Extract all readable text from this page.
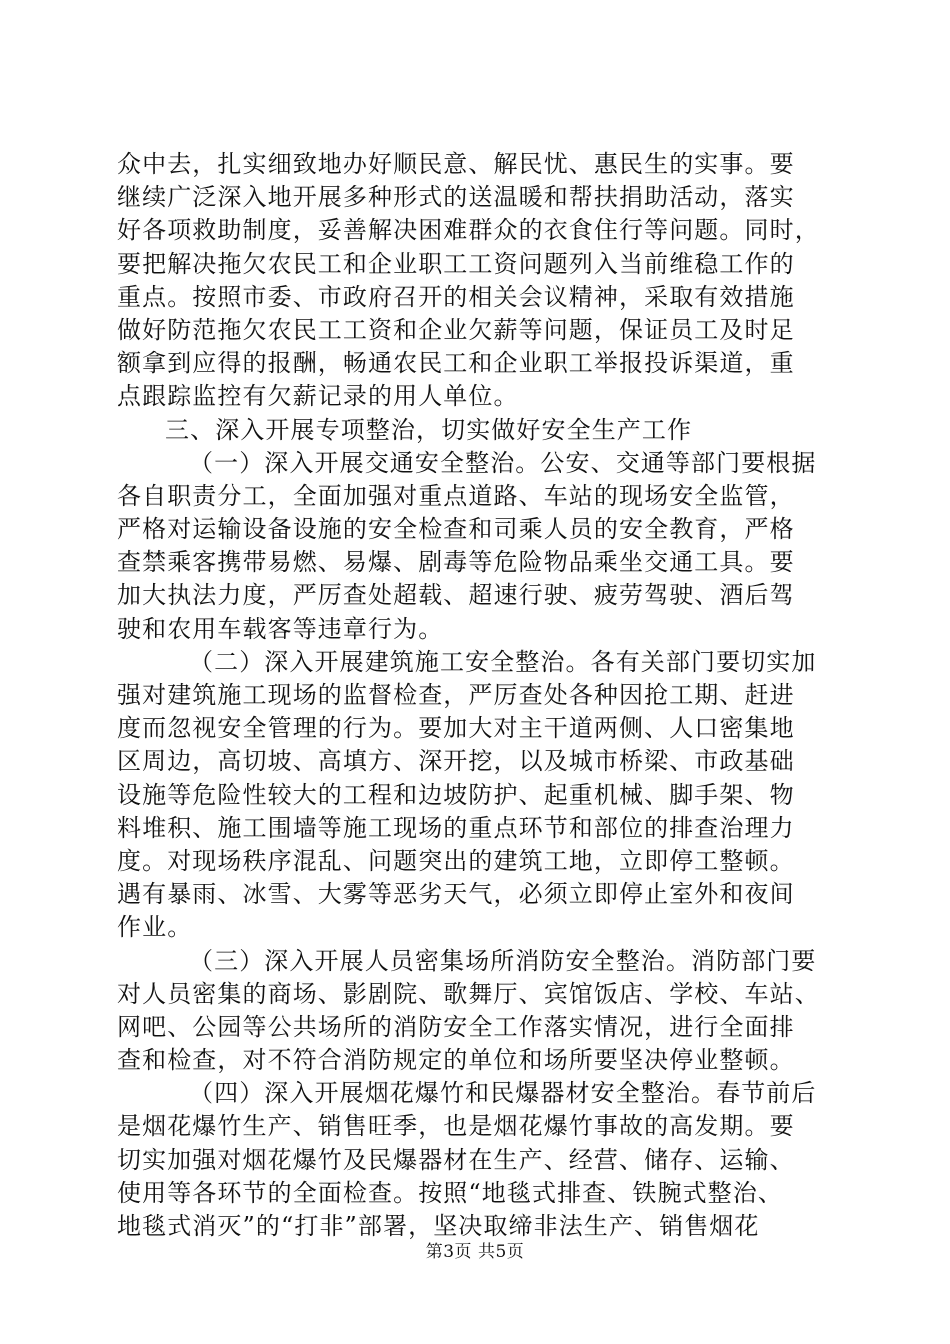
众中去，扎实细致地办好顺民意、解民忧、惠民生的实事。要
继续广泛深入地开展多种形式的送温暖和帮扶捐助活动，落实
好各项救助制度，妥善解决困难群众的衣食住行等问题。同时，
要把解决拖欠农民工和企业职工工资问题列入当前维稳工作的
重点。按照市委、市政府召开的相关会议精神，采取有效措施
做好防范拖欠农民工工资和企业欠薪等问题，保证员工及时足
额拿到应得的报酬，畅通农民工和企业职工举报投诉渠道，重
点跟踪监控有欠薪记录的用人单位。
三、深入开展专项整治，切实做好安全生产工作
（一）深入开展交通安全整治。公安、交通等部门要根据
各自职责分工，全面加强对重点道路、车站的现场安全监管，
严格对运输设备设施的安全检查和司乘人员的安全教育，严格
查禁乘客携带易燃、易爆、剧毒等危险物品乘坐交通工具。要
加大执法力度，严厉查处超载、超速行驶、疲劳驾驶、酒后驾
驶和农用车载客等违章行为。
（二）深入开展建筑施工安全整治。各有关部门要切实加
强对建筑施工现场的监督检查，严厉查处各种因抢工期、赶进
度而忽视安全管理的行为。要加大对主干道两侧、人口密集地
区周边，高切坡、高填方、深开挖，以及城市桥梁、市政基础
设施等危险性较大的工程和边坡防护、起重机械、脚手架、物
料堆积、施工围墙等施工现场的重点环节和部位的排查治理力
度。对现场秩序混乱、问题突出的建筑工地，立即停工整顿。
遇有暴雨、冰雪、大雾等恶劣天气，必须立即停止室外和夜间
作业。
（三）深入开展人员密集场所消防安全整治。消防部门要
对人员密集的商场、影剧院、歌舞厅、宾馆饭店、学校、车站、
网吧、公园等公共场所的消防安全工作落实情况，进行全面排
查和检查，对不符合消防规定的单位和场所要坚决停业整顿。
（四）深入开展烟花爆竹和民爆器材安全整治。春节前后
是烟花爆竹生产、销售旺季，也是烟花爆竹事故的高发期。要
切实加强对烟花爆竹及民爆器材在生产、经营、储存、运输、
使用等各环节的全面检查。按照“地毯式排查、铁腕式整治、
地毯式消灭”的“打非”部署，坚决取缔非法生产、销售烟花
第3页 共5页
